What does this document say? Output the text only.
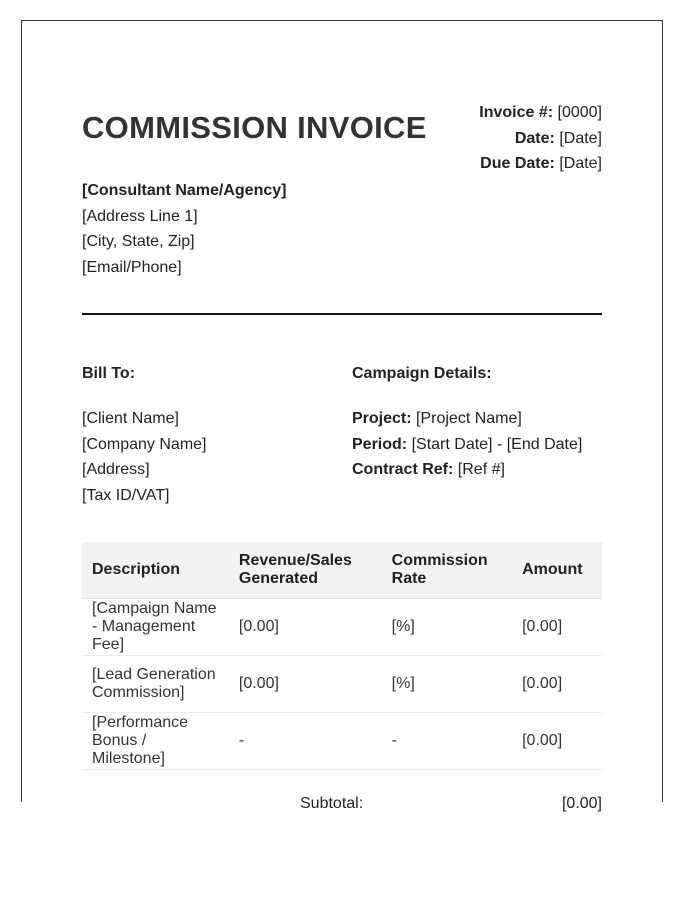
COMMISSION INVOICE	Invoice #: [0000]
Date: [Date]
Due Date: [Date]
[Consultant Name/Agency]
[Address Line 1]
[City, State, Zip]
[Email/Phone]
Bill To:
[Client Name]
[Company Name]
[Address]
[Tax ID/VAT]
Campaign Details:
Project: [Project Name]
Period: [Start Date] - [End Date]
Contract Ref: [Ref #]
Description	Revenue/Sales Generated	Commission Rate	Amount
[Campaign Name - Management Fee]	[0.00]	[%]	[0.00]
[Lead Generation Commission]	[0.00]	[%]	[0.00]
[Performance Bonus / Milestone]	-	-	[0.00]
Subtotal:	[0.00]
